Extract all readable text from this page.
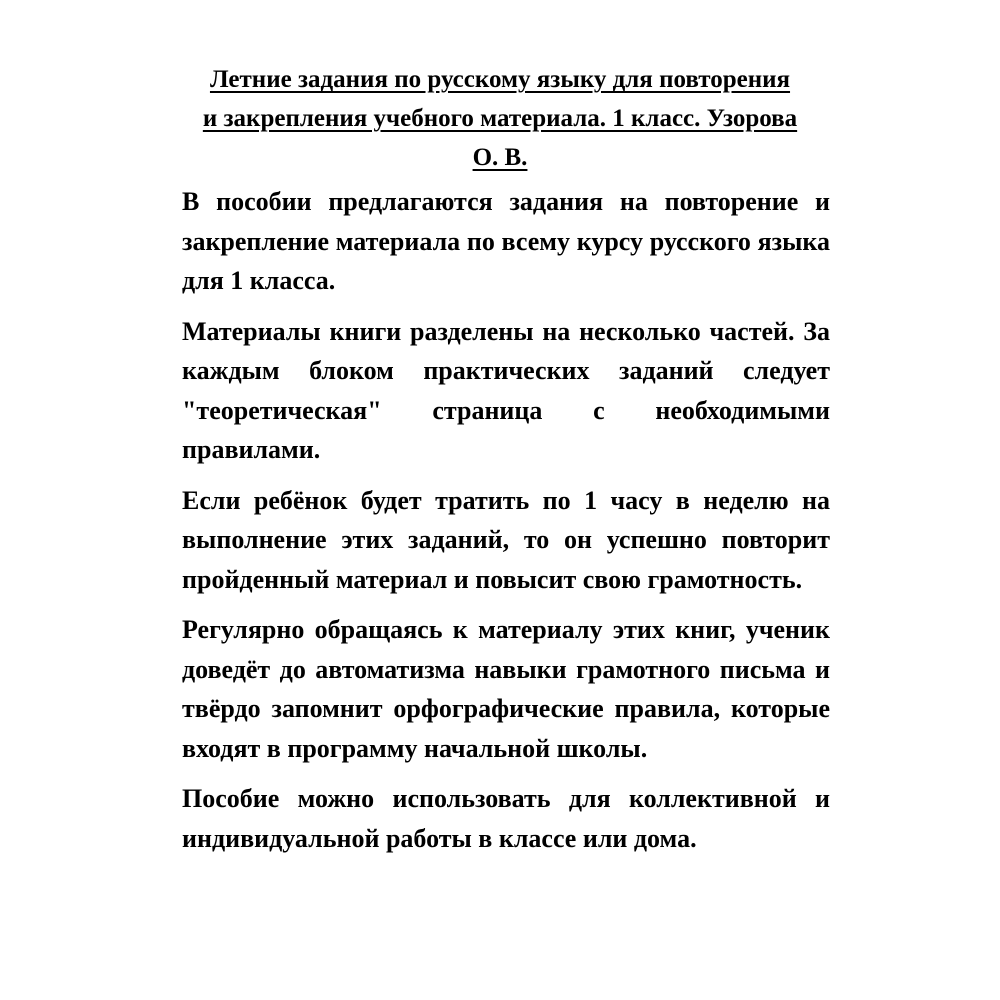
Летние задания по русскому языку для повторения и закрепления учебного материала. 1 класс. Узорова О. В.

В пособии предлагаются задания на повторение и закрепление материала по всему курсу русского языка для 1 класса.

Материалы книги разделены на несколько частей. За каждым блоком практических заданий следует "теоретическая" страница с необходимыми правилами.

Если ребёнок будет тратить по 1 часу в неделю на выполнение этих заданий, то он успешно повторит пройденный материал и повысит свою грамотность.

Регулярно обращаясь к материалу этих книг, ученик доведёт до автоматизма навыки грамотного письма и твёрдо запомнит орфографические правила, которые входят в программу начальной школы.

Пособие можно использовать для коллективной и индивидуальной работы в классе или дома.
